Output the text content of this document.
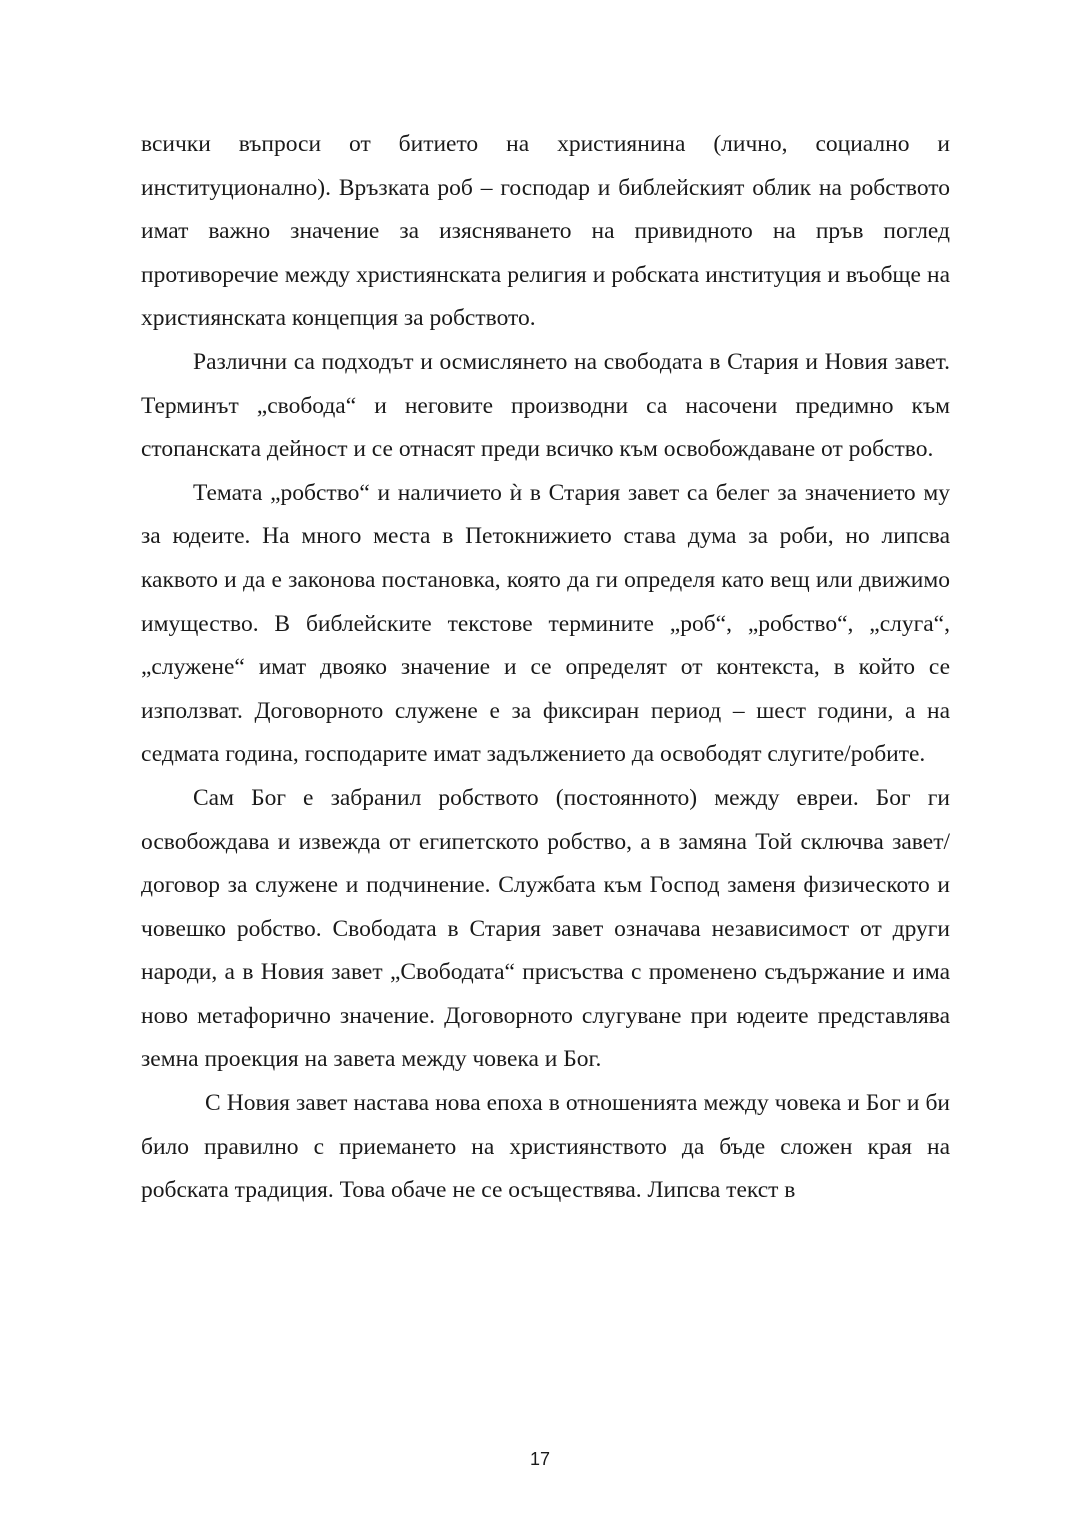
всички въпроси от битието на християнина (лично, социално и институционално). Връзката роб – господар и библейският облик на робството имат важно значение за изясняването на привидното на пръв поглед противоречие между християнската религия и робската институция и въобще на християнската концепция за робството.

Различни са подходът и осмислянето на свободата в Стария и Новия завет. Терминът „свобода“ и неговите производни са насочени предимно към стопанската дейност и се отнасят преди всичко към освобождаване от робство.

Темата „робство“ и наличието ѝ в Стария завет са белег за значението му за юдеите. На много места в Петокнижието става дума за роби, но липсва каквото и да е законова постановка, която да ги определя като вещ или движимо имущество. В библейските текстове термините „роб“, „робство“, „слуга“, „служене“ имат двояко значение и се определят от контекста, в който се използват. Договорното служене е за фиксиран период – шест години, а на седмата година, господарите имат задължението да освободят слугите/робите.

Сам Бог е забранил робството (постоянното) между евреи. Бог ги освобождава и извежда от египетското робство, а в замяна Той сключва завет/договор за служене и подчинение. Службата към Господ заменя физическото и човешко робство. Свободата в Стария завет означава независимост от други народи, а в Новия завет „Свободата“ присъства с променено съдържание и има ново метафорично значение. Договорното слугуване при юдеите представлява земна проекция на завета между човека и Бог.

С Новия завет настава нова епоха в отношенията между човека и Бог и би било правилно с приемането на християнството да бъде сложен края на робската традиция. Това обаче не се осъществява. Липсва текст в

17
